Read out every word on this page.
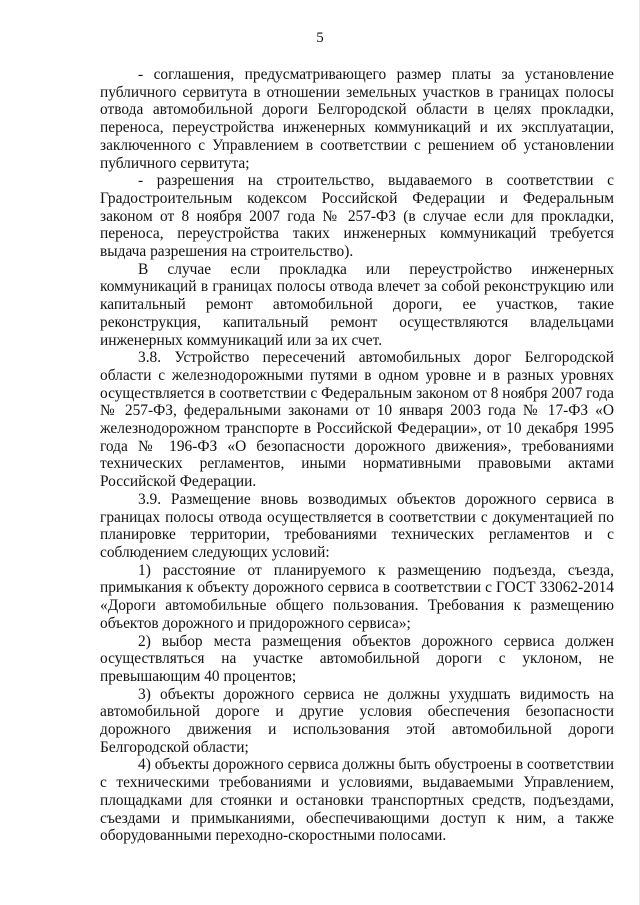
5

- соглашения, предусматривающего размер платы за установление публичного сервитута в отношении земельных участков в границах полосы отвода автомобильной дороги Белгородской области в целях прокладки, переноса, переустройства инженерных коммуникаций и их эксплуатации, заключенного с Управлением в соответствии с решением об установлении публичного сервитута;

- разрешения на строительство, выдаваемого в соответствии с Градостроительным кодексом Российской Федерации и Федеральным законом от 8 ноября 2007 года № 257-ФЗ (в случае если для прокладки, переноса, переустройства таких инженерных коммуникаций требуется выдача разрешения на строительство).

В случае если прокладка или переустройство инженерных коммуникаций в границах полосы отвода влечет за собой реконструкцию или капитальный ремонт автомобильной дороги, ее участков, такие реконструкция, капитальный ремонт осуществляются владельцами инженерных коммуникаций или за их счет.

3.8. Устройство пересечений автомобильных дорог Белгородской области с железнодорожными путями в одном уровне и в разных уровнях осуществляется в соответствии с Федеральным законом от 8 ноября 2007 года № 257-ФЗ, федеральными законами от 10 января 2003 года № 17-ФЗ «О железнодорожном транспорте в Российской Федерации», от 10 декабря 1995 года № 196-ФЗ «О безопасности дорожного движения», требованиями технических регламентов, иными нормативными правовыми актами Российской Федерации.

3.9. Размещение вновь возводимых объектов дорожного сервиса в границах полосы отвода осуществляется в соответствии с документацией по планировке территории, требованиями технических регламентов и с соблюдением следующих условий:

1) расстояние от планируемого к размещению подъезда, съезда, примыкания к объекту дорожного сервиса в соответствии с ГОСТ 33062-2014 «Дороги автомобильные общего пользования. Требования к размещению объектов дорожного и придорожного сервиса»;

2) выбор места размещения объектов дорожного сервиса должен осуществляться на участке автомобильной дороги с уклоном, не превышающим 40 процентов;

3) объекты дорожного сервиса не должны ухудшать видимость на автомобильной дороге и другие условия обеспечения безопасности дорожного движения и использования этой автомобильной дороги Белгородской области;

4) объекты дорожного сервиса должны быть обустроены в соответствии с техническими требованиями и условиями, выдаваемыми Управлением, площадками для стоянки и остановки транспортных средств, подъездами, съездами и примыканиями, обеспечивающими доступ к ним, а также оборудованными переходно-скоростными полосами.
